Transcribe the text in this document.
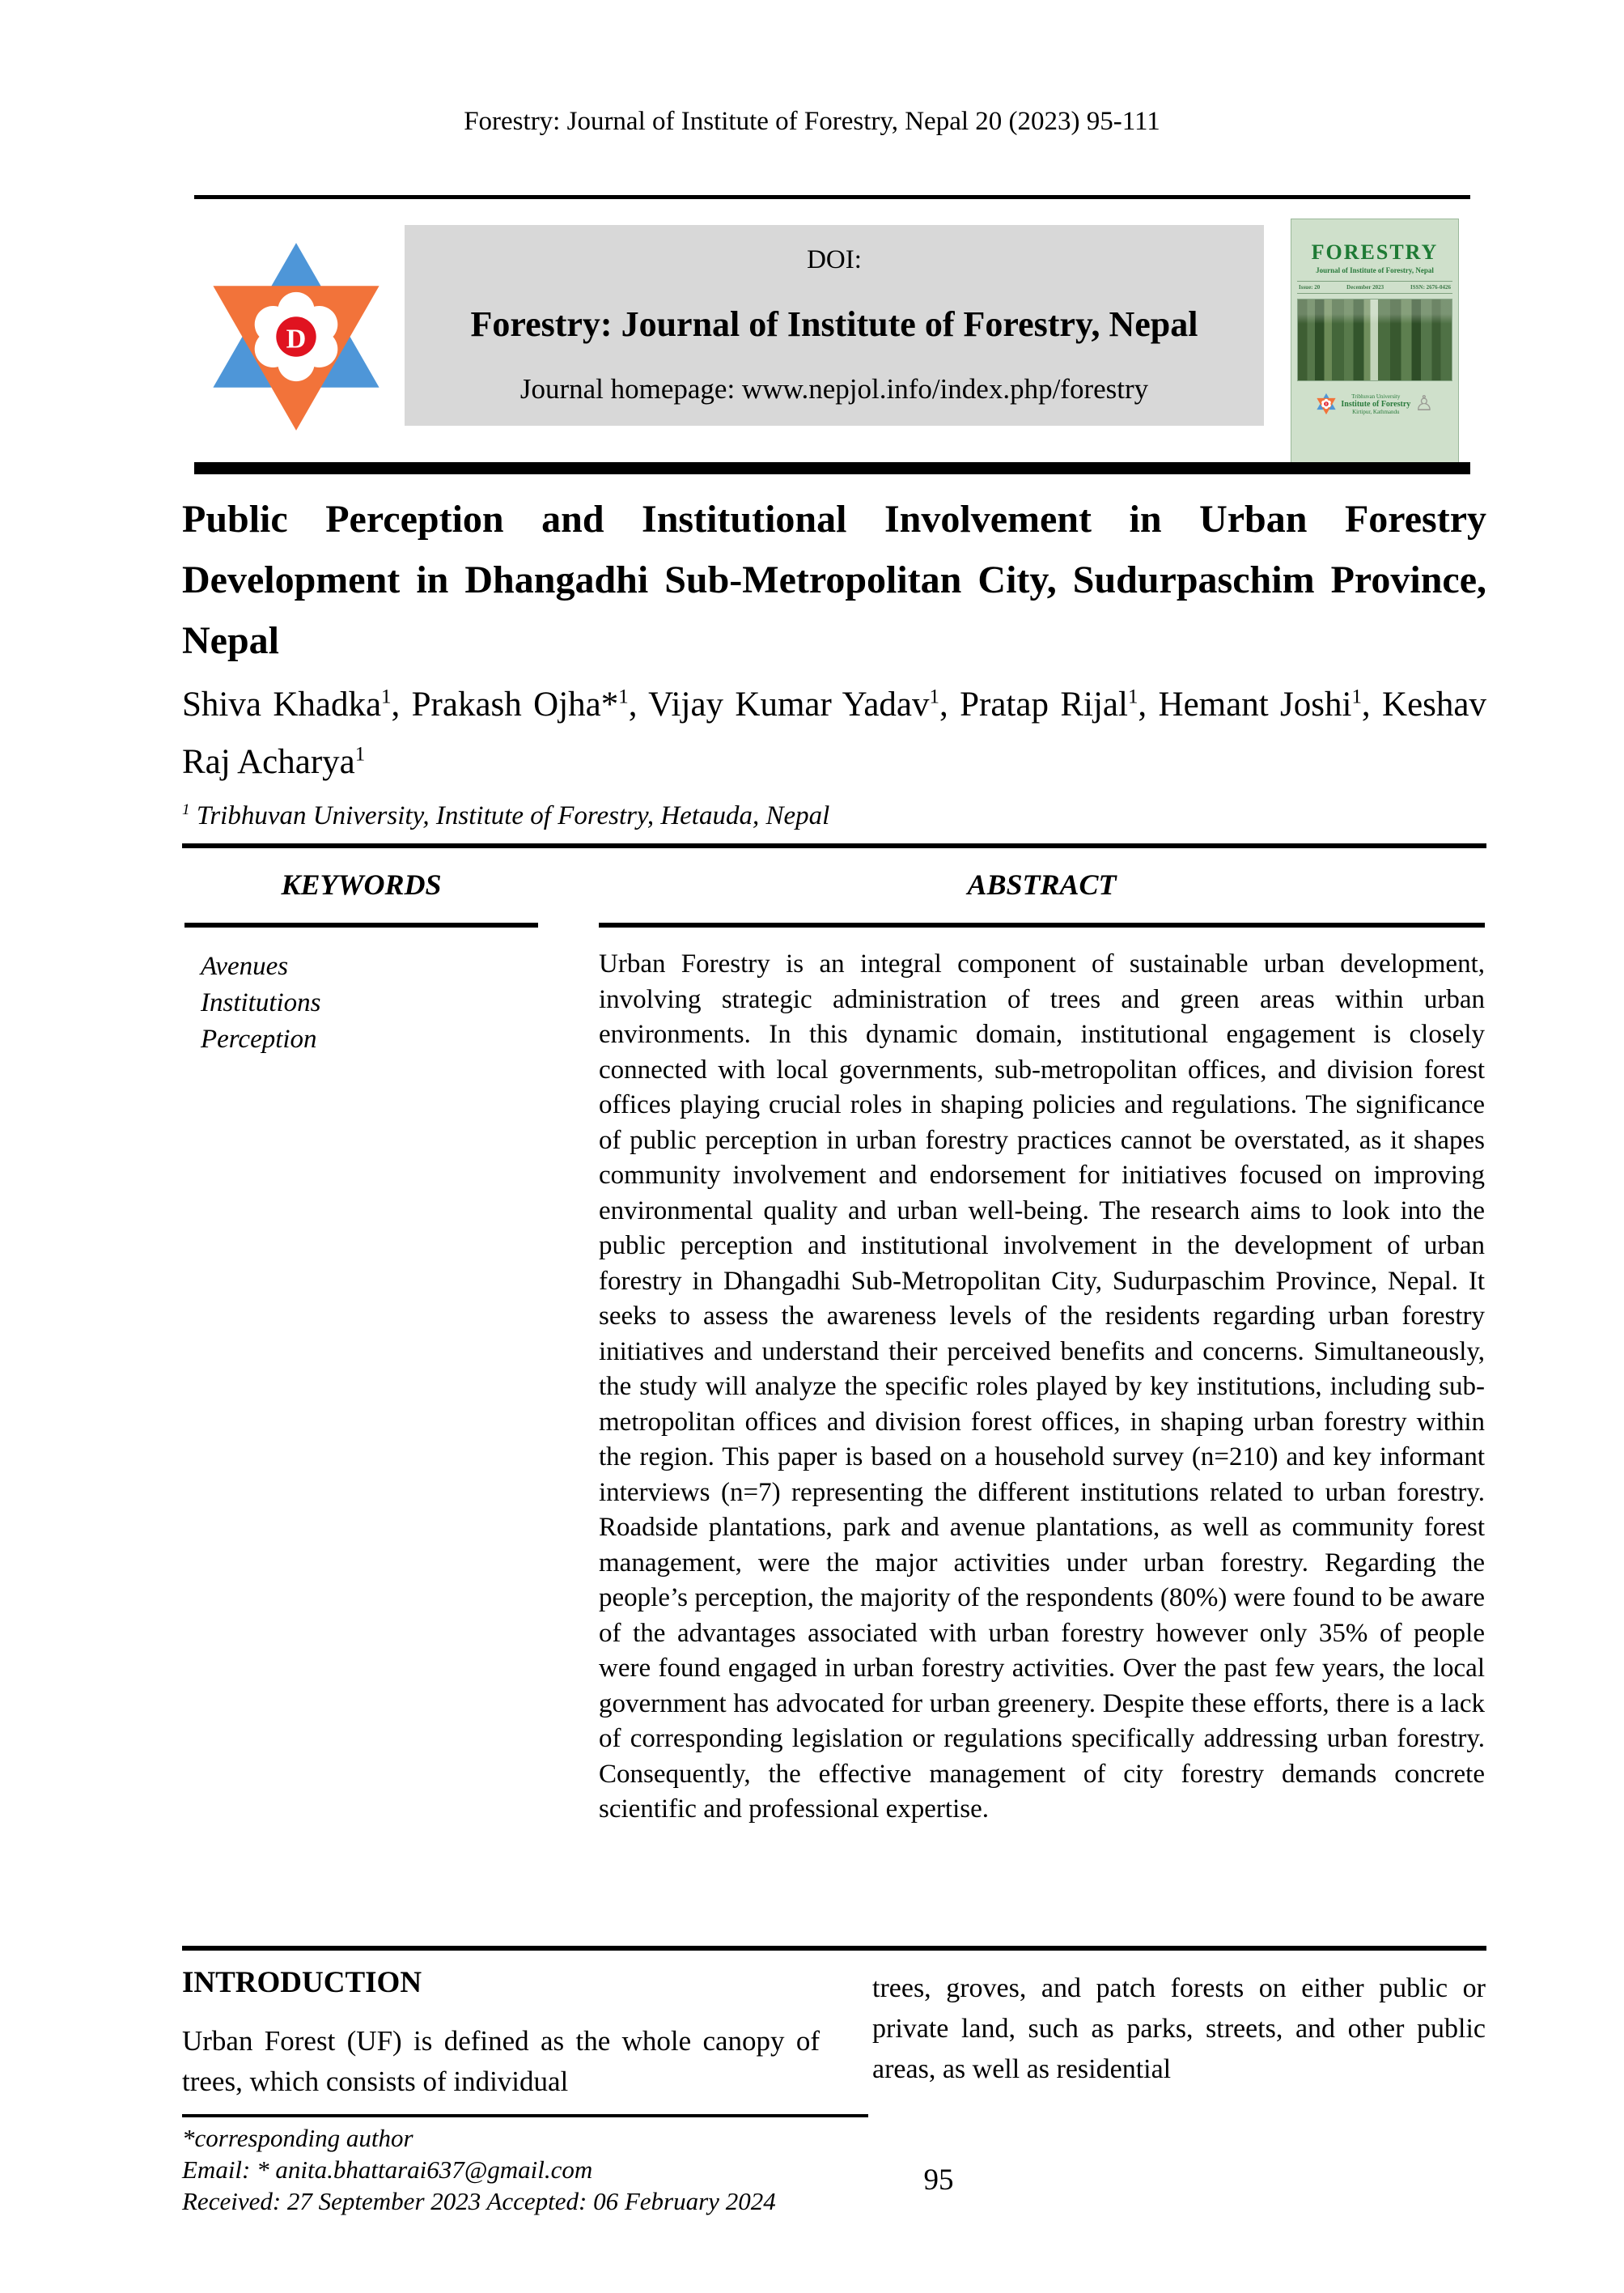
Forestry: Journal of Institute of Forestry, Nepal 20 (2023) 95-111
DOI:
Forestry: Journal of Institute of Forestry, Nepal
Journal homepage: www.nepjol.info/index.php/forestry
D
FORESTRY
Journal of Institute of Forestry, Nepal
Issue: 20	December 2023	ISSN: 2676-0426
Tribhuvan University
Institute of Forestry
Kirtipur, Kathmandu ♙
Public Perception and Institutional Involvement in Urban Forestry Development in Dhangadhi Sub-Metropolitan City, Sudurpaschim Province, Nepal
Shiva Khadka$^1$, Prakash Ojha*$^1$, Vijay Kumar Yadav$^1$, Pratap Rijal$^1$, Hemant Joshi$^1$, Keshav Raj Acharya$^1$
$^1$ Tribhuvan University, Institute of Forestry, Hetauda, Nepal
KEYWORDS	ABSTRACT
Avenues
Institutions
Perception
Urban Forestry is an integral component of sustainable urban development, involving strategic administration of trees and green areas within urban environments. In this dynamic domain, institutional engagement is closely connected with local governments, sub-metropolitan offices, and division forest offices playing crucial roles in shaping policies and regulations. The significance of public perception in urban forestry practices cannot be overstated, as it shapes community involvement and endorsement for initiatives focused on improving environmental quality and urban well-being. The research aims to look into the public perception and institutional involvement in the development of urban forestry in Dhangadhi Sub-Metropolitan City, Sudurpaschim Province, Nepal. It seeks to assess the awareness levels of the residents regarding urban forestry initiatives and understand their perceived benefits and concerns. Simultaneously, the study will analyze the specific roles played by key institutions, including sub-metropolitan offices and division forest offices, in shaping urban forestry within the region. This paper is based on a household survey (n=210) and key informant interviews (n=7) representing the different institutions related to urban forestry. Roadside plantations, park and avenue plantations, as well as community forest management, were the major activities under urban forestry. Regarding the people’s perception, the majority of the respondents (80%) were found to be aware of the advantages associated with urban forestry however only 35% of people were found engaged in urban forestry activities. Over the past few years, the local government has advocated for urban greenery. Despite these efforts, there is a lack of corresponding legislation or regulations specifically addressing urban forestry. Consequently, the effective management of city forestry demands concrete scientific and professional expertise.
INTRODUCTION

Urban Forest (UF) is defined as the whole canopy of trees, which consists of individual

trees, groves, and patch forests on either public or private land, such as parks, streets, and other public areas, as well as residential
*corresponding author
Email: * anita.bhattarai637@gmail.com
Received: 27 September 2023 Accepted: 06 February 2024
95
